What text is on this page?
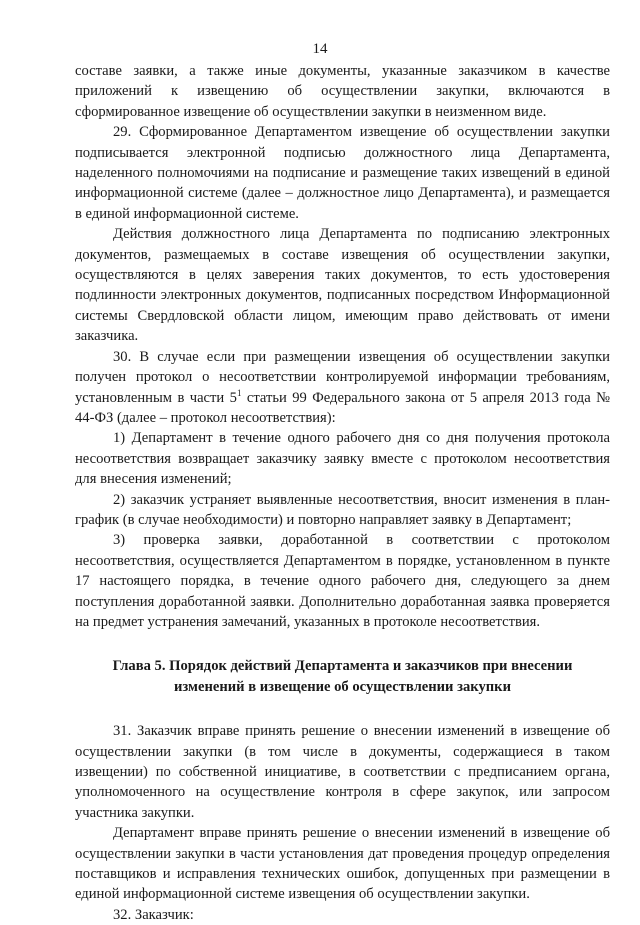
14

составе заявки, а также иные документы, указанные заказчиком в качестве приложений к извещению об осуществлении закупки, включаются в сформированное извещение об осуществлении закупки в неизменном виде.

29. Сформированное Департаментом извещение об осуществлении закупки подписывается электронной подписью должностного лица Департамента, наделенного полномочиями на подписание и размещение таких извещений в единой информационной системе (далее – должностное лицо Департамента), и размещается в единой информационной системе.

Действия должностного лица Департамента по подписанию электронных документов, размещаемых в составе извещения об осуществлении закупки, осуществляются в целях заверения таких документов, то есть удостоверения подлинности электронных документов, подписанных посредством Информационной системы Свердловской области лицом, имеющим право действовать от имени заказчика.

30. В случае если при размещении извещения об осуществлении закупки получен протокол о несоответствии контролируемой информации требованиям, установленным в части $5^1$ статьи 99 Федерального закона от 5 апреля 2013 года № 44-ФЗ (далее – протокол несоответствия):

1) Департамент в течение одного рабочего дня со дня получения протокола несоответствия возвращает заказчику заявку вместе с протоколом несоответствия для внесения изменений;

2) заказчик устраняет выявленные несоответствия, вносит изменения в план-график (в случае необходимости) и повторно направляет заявку в Департамент;

3) проверка заявки, доработанной в соответствии с протоколом несоответствия, осуществляется Департаментом в порядке, установленном в пункте 17 настоящего порядка, в течение одного рабочего дня, следующего за днем поступления доработанной заявки. Дополнительно доработанная заявка проверяется на предмет устранения замечаний, указанных в протоколе несоответствия.

Глава 5. Порядок действий Департамента и заказчиков при внесении изменений в извещение об осуществлении закупки

31. Заказчик вправе принять решение о внесении изменений в извещение об осуществлении закупки (в том числе в документы, содержащиеся в таком извещении) по собственной инициативе, в соответствии с предписанием органа, уполномоченного на осуществление контроля в сфере закупок, или запросом участника закупки.

Департамент вправе принять решение о внесении изменений в извещение об осуществлении закупки в части установления дат проведения процедур определения поставщиков и исправления технических ошибок, допущенных при размещении в единой информационной системе извещения об осуществлении закупки.

32. Заказчик:
